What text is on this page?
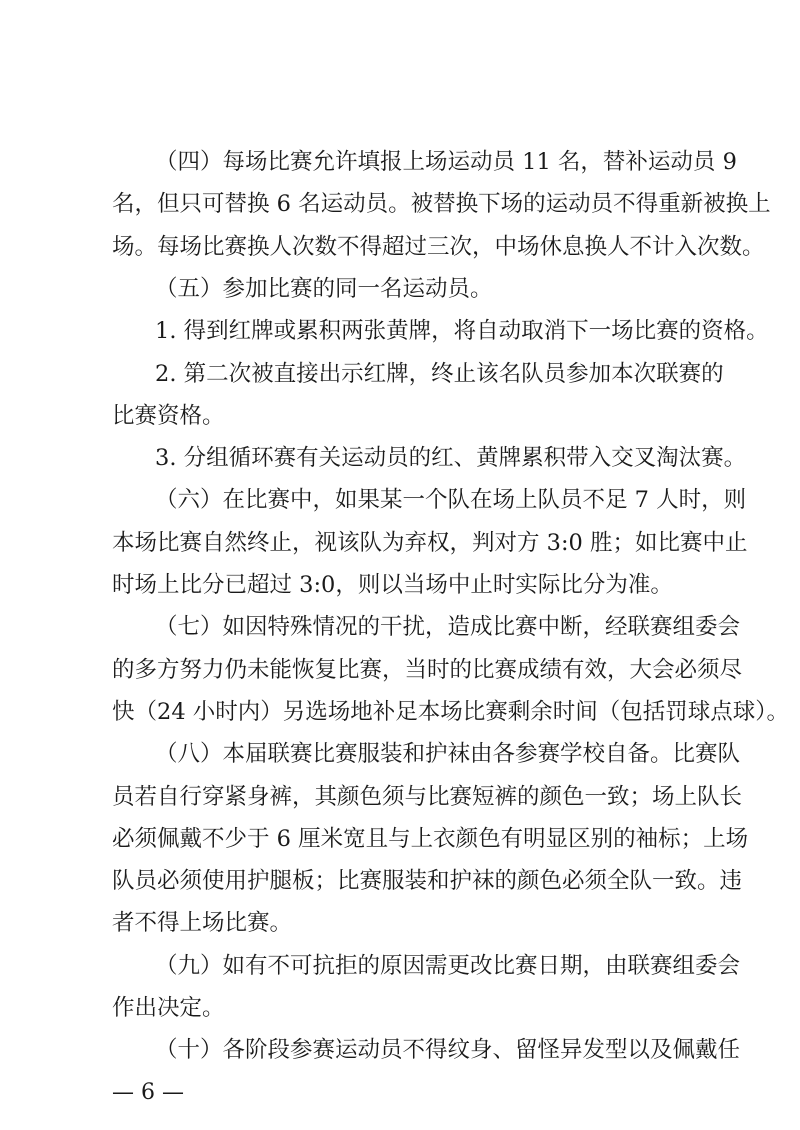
（四）每场比赛允许填报上场运动员 11 名，替补运动员 9
名，但只可替换 6 名运动员。被替换下场的运动员不得重新被换上
场。每场比赛换人次数不得超过三次，中场休息换人不计入次数。
（五）参加比赛的同一名运动员。
1. 得到红牌或累积两张黄牌，将自动取消下一场比赛的资格。
2. 第二次被直接出示红牌，终止该名队员参加本次联赛的
比赛资格。
3. 分组循环赛有关运动员的红、黄牌累积带入交叉淘汰赛。
（六）在比赛中，如果某一个队在场上队员不足 7 人时，则
本场比赛自然终止，视该队为弃权，判对方 3:0 胜；如比赛中止
时场上比分已超过 3:0，则以当场中止时实际比分为准。
（七）如因特殊情况的干扰，造成比赛中断，经联赛组委会
的多方努力仍未能恢复比赛，当时的比赛成绩有效，大会必须尽
快（24 小时内）另选场地补足本场比赛剩余时间（包括罚球点球）。
（八）本届联赛比赛服装和护袜由各参赛学校自备。比赛队
员若自行穿紧身裤，其颜色须与比赛短裤的颜色一致；场上队长
必须佩戴不少于 6 厘米宽且与上衣颜色有明显区别的袖标；上场
队员必须使用护腿板；比赛服装和护袜的颜色必须全队一致。违
者不得上场比赛。
（九）如有不可抗拒的原因需更改比赛日期，由联赛组委会
作出决定。
（十）各阶段参赛运动员不得纹身、留怪异发型以及佩戴任
— 6 —
